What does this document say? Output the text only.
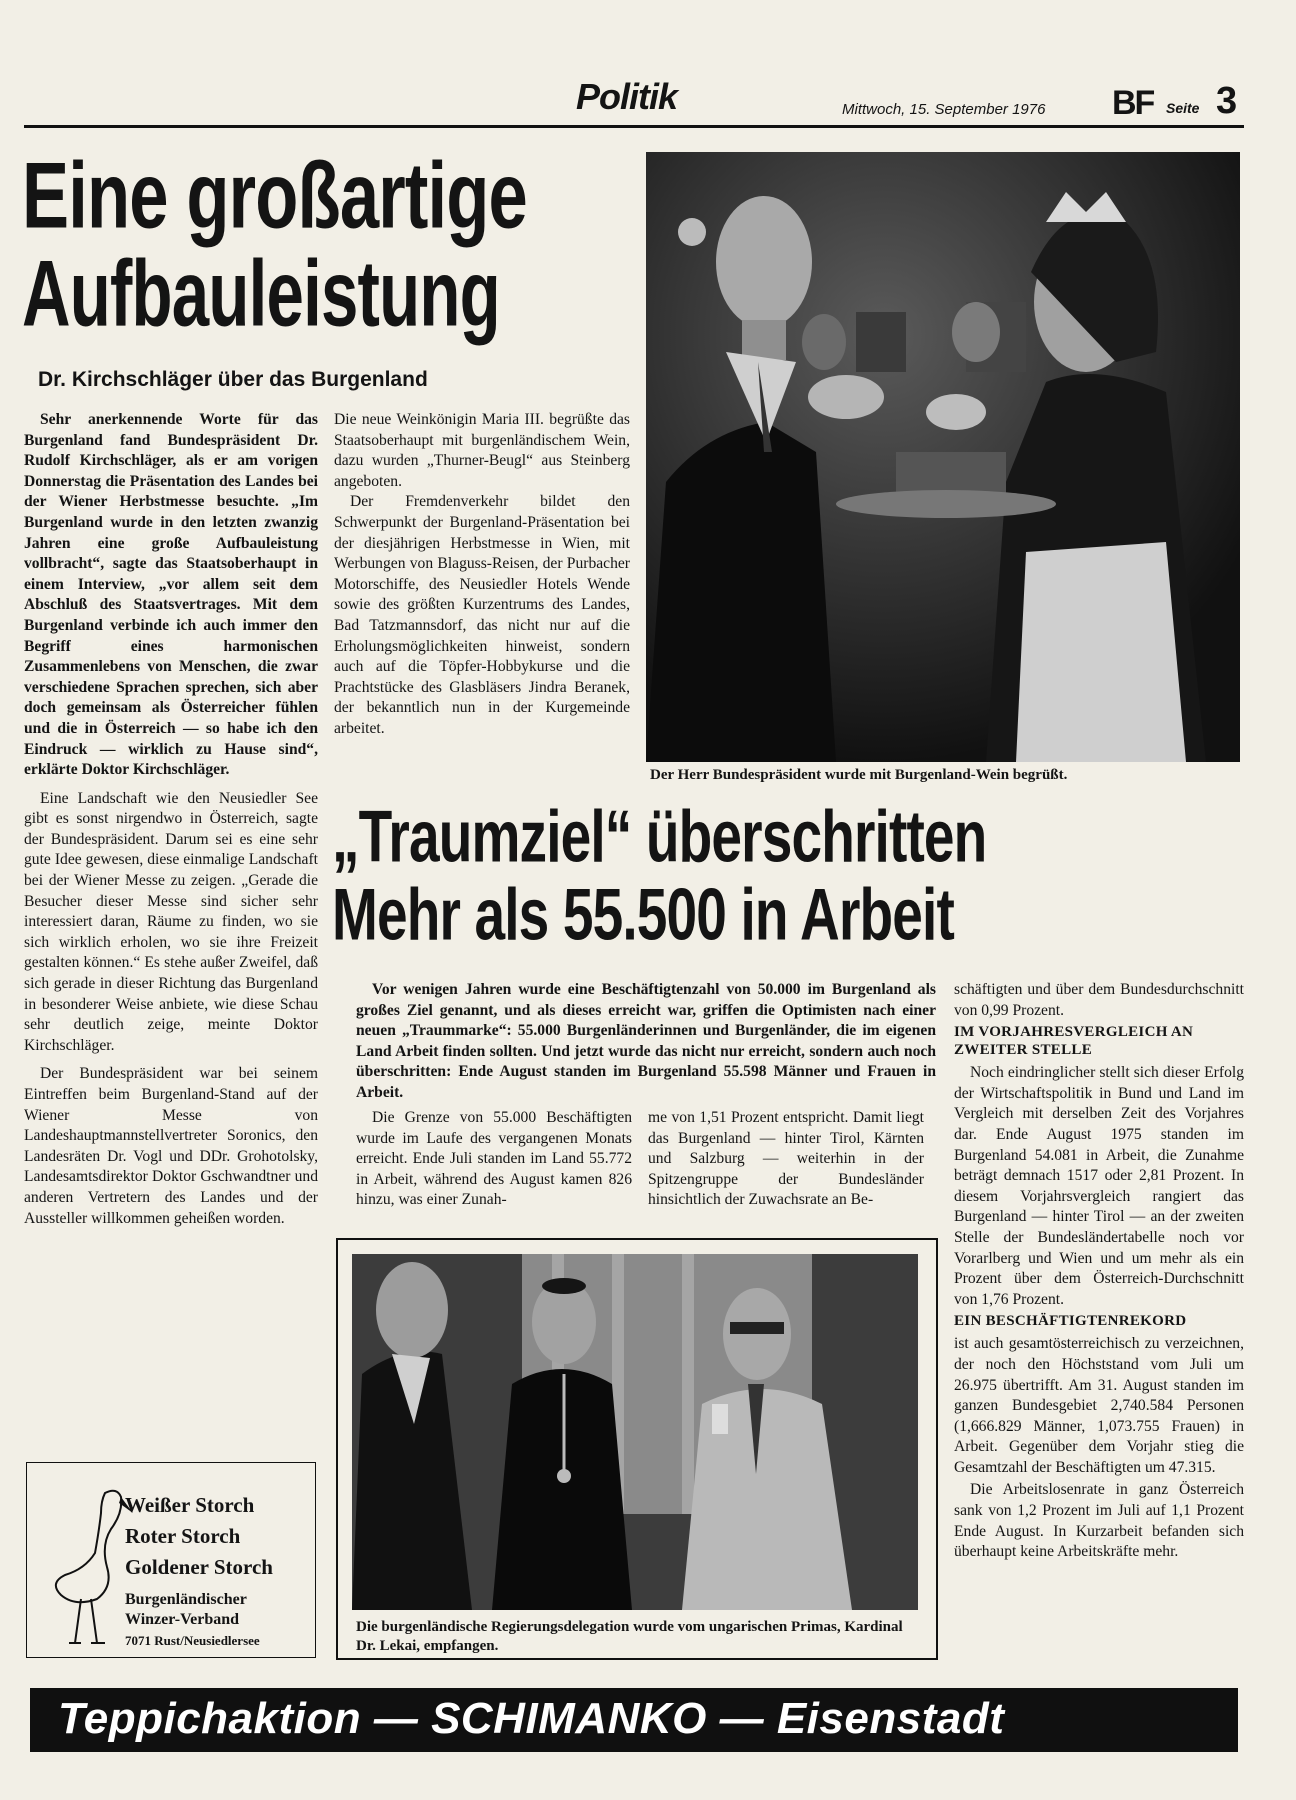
Politik	Mittwoch, 15. September 1976 BF Seite 3
Eine großartige
Aufbauleistung
Dr. Kirchschläger über das Burgenland

Sehr anerkennende Worte für das Burgenland fand Bundespräsident Dr. Rudolf Kirchschläger, als er am vorigen Donnerstag die Präsentation des Landes bei der Wiener Herbstmesse besuchte. „Im Burgenland wurde in den letzten zwanzig Jahren eine große Aufbauleistung vollbracht“, sagte das Staatsoberhaupt in einem Interview, „vor allem seit dem Abschluß des Staatsvertrages. Mit dem Burgenland verbinde ich auch immer den Begriff eines harmonischen Zusammenlebens von Menschen, die zwar verschiedene Sprachen sprechen, sich aber doch gemeinsam als Österreicher fühlen und die in Österreich — so habe ich den Eindruck — wirklich zu Hause sind“, erklärte Doktor Kirchschläger.

Eine Landschaft wie den Neusiedler See gibt es sonst nirgendwo in Österreich, sagte der Bundespräsident. Darum sei es eine sehr gute Idee gewesen, diese einmalige Landschaft bei der Wiener Messe zu zeigen. „Gerade die Besucher dieser Messe sind sicher sehr interessiert daran, Räume zu finden, wo sie sich wirklich erholen, wo sie ihre Freizeit gestalten können.“ Es stehe außer Zweifel, daß sich gerade in dieser Richtung das Burgenland in besonderer Weise anbiete, wie diese Schau sehr deutlich zeige, meinte Doktor Kirchschläger.

Der Bundespräsident war bei seinem Eintreffen beim Burgenland-Stand auf der Wiener Messe von Landeshauptmannstellvertreter Soronics, den Landesräten Dr. Vogl und DDr. Grohotolsky, Landesamtsdirektor Doktor Gschwandtner und anderen Vertretern des Landes und der Aussteller willkommen geheißen worden.

Die neue Weinkönigin Maria III. begrüßte das Staatsoberhaupt mit burgenländischem Wein, dazu wurden „Thurner-Beugl“ aus Steinberg angeboten.

Der Fremdenverkehr bildet den Schwerpunkt der Burgenland-Präsentation bei der diesjährigen Herbstmesse in Wien, mit Werbungen von Blaguss-Reisen, der Purbacher Motorschiffe, des Neusiedler Hotels Wende sowie des größten Kurzentrums des Landes, Bad Tatzmannsdorf, das nicht nur auf die Erholungsmöglichkeiten hinweist, sondern auch auf die Töpfer-Hobbykurse und die Prachtstücke des Glasbläsers Jindra Beranek, der bekanntlich nun in der Kurgemeinde arbeitet.

Der Herr Bundespräsident wurde mit Burgenland-Wein begrüßt.
„Traumziel“ überschritten
Mehr als 55.500 in Arbeit

Vor wenigen Jahren wurde eine Beschäftigtenzahl von 50.000 im Burgenland als großes Ziel genannt, und als dieses erreicht war, griffen die Optimisten nach einer neuen „Traummarke“: 55.000 Burgenländerinnen und Burgenländer, die im eigenen Land Arbeit finden sollten. Und jetzt wurde das nicht nur erreicht, sondern auch noch überschritten: Ende August standen im Burgenland 55.598 Männer und Frauen in Arbeit.

Die Grenze von 55.000 Beschäftigten wurde im Laufe des vergangenen Monats erreicht. Ende Juli standen im Land 55.772 in Arbeit, während des August kamen 826 hinzu, was einer Zunah-

me von 1,51 Prozent entspricht. Damit liegt das Burgenland — hinter Tirol, Kärnten und Salzburg — weiterhin in der Spitzengruppe der Bundesländer hinsichtlich der Zuwachsrate an Be-

schäftigten und über dem Bundesdurchschnitt von 0,99 Prozent.

IM VORJAHRESVERGLEICH AN ZWEITER STELLE

Noch eindringlicher stellt sich dieser Erfolg der Wirtschaftspolitik in Bund und Land im Vergleich mit derselben Zeit des Vorjahres dar. Ende August 1975 standen im Burgenland 54.081 in Arbeit, die Zunahme beträgt demnach 1517 oder 2,81 Prozent. In diesem Vorjahrsvergleich rangiert das Burgenland — hinter Tirol — an der zweiten Stelle der Bundesländertabelle noch vor Vorarlberg und Wien und um mehr als ein Prozent über dem Österreich-Durchschnitt von 1,76 Prozent.

EIN BESCHÄFTIGTENREKORD

ist auch gesamtösterreichisch zu verzeichnen, der noch den Höchststand vom Juli um 26.975 übertrifft. Am 31. August standen im ganzen Bundesgebiet 2,740.584 Personen (1,666.829 Männer, 1,073.755 Frauen) in Arbeit. Gegenüber dem Vorjahr stieg die Gesamtzahl der Beschäftigten um 47.315.

Die Arbeitslosenrate in ganz Österreich sank von 1,2 Prozent im Juli auf 1,1 Prozent Ende August. In Kurzarbeit befanden sich überhaupt keine Arbeitskräfte mehr.

Die burgenländische Regierungsdelegation wurde vom ungarischen Primas, Kardinal Dr. Lekai, empfangen.
Weißer Storch
Roter Storch
Goldener Storch
Burgenländischer
Winzer-Verband
7071 Rust/Neusiedlersee
Teppichaktion — SCHIMANKO — Eisenstadt
